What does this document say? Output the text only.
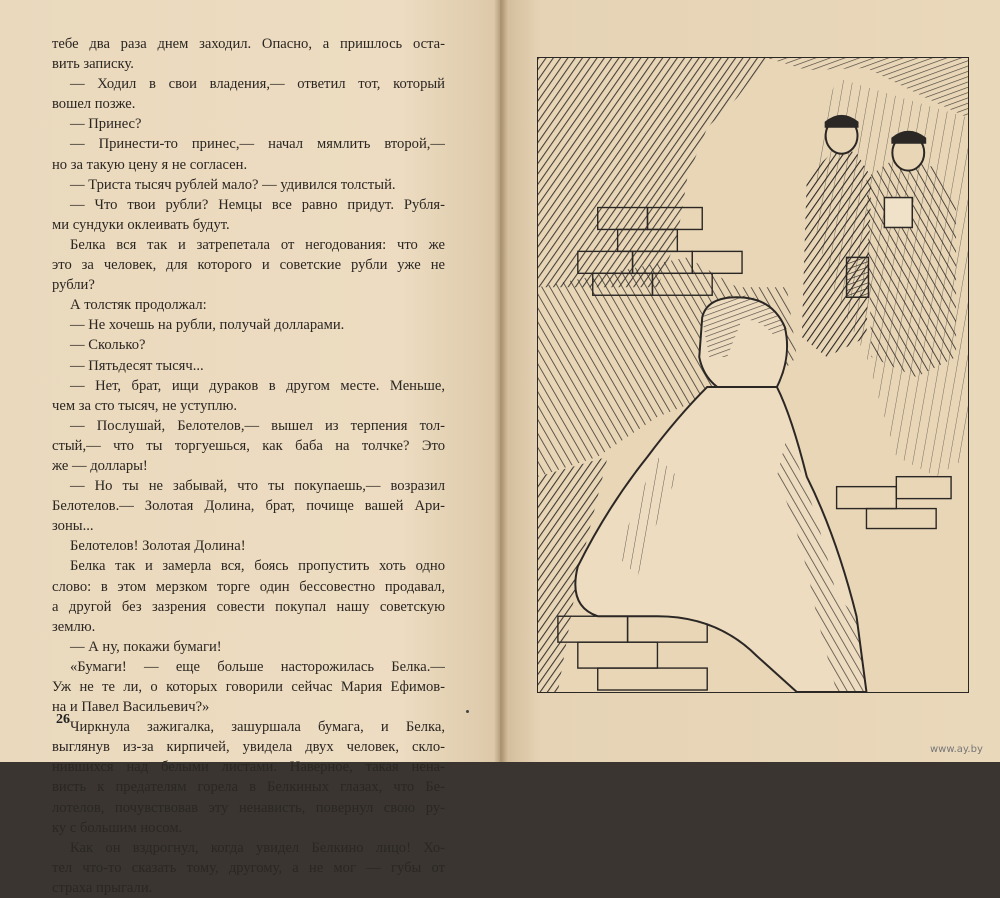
тебе два раза днем заходил. Опасно, а пришлось оста-
вить записку.
— Ходил в свои владения,— ответил тот, который
вошел позже.
— Принес?
— Принести-то принес,— начал мямлить второй,—
но за такую цену я не согласен.
— Триста тысяч рублей мало? — удивился толстый.
— Что твои рубли? Немцы все равно придут. Рубля-
ми сундуки оклеивать будут.
Белка вся так и затрепетала от негодования: что же
это за человек, для которого и советские рубли уже не
рубли?
А толстяк продолжал:
— Не хочешь на рубли, получай долларами.
— Сколько?
— Пятьдесят тысяч...
— Нет, брат, ищи дураков в другом месте. Меньше,
чем за сто тысяч, не уступлю.
— Послушай, Белотелов,— вышел из терпения тол-
стый,— что ты торгуешься, как баба на толчке? Это
же — доллары!
— Но ты не забывай, что ты покупаешь,— возразил
Белотелов.— Золотая Долина, брат, почище вашей Ари-
зоны...
Белотелов! Золотая Долина!
Белка так и замерла вся, боясь пропустить хоть одно
слово: в этом мерзком торге один бессовестно продавал,
а другой без зазрения совести покупал нашу советскую
землю.
— А ну, покажи бумаги!
«Бумаги! — еще больше насторожилась Белка.—
Уж не те ли, о которых говорили сейчас Мария Ефимов-
на и Павел Васильевич?»
Чиркнула зажигалка, зашуршала бумага, и Белка,
выглянув из-за кирпичей, увидела двух человек, скло-
нившихся над белыми листами. Наверное, такая нена-
висть к предателям горела в Белкиных глазах, что Бе-
лотелов, почувствовав эту ненависть, повернул свою ру-
ку с большим носом.
Как он вздрогнул, когда увидел Белкино лицо! Хо-
тел что-то сказать тому, другому, а не мог — губы от
страха прыгали.
26
www.ay.by
